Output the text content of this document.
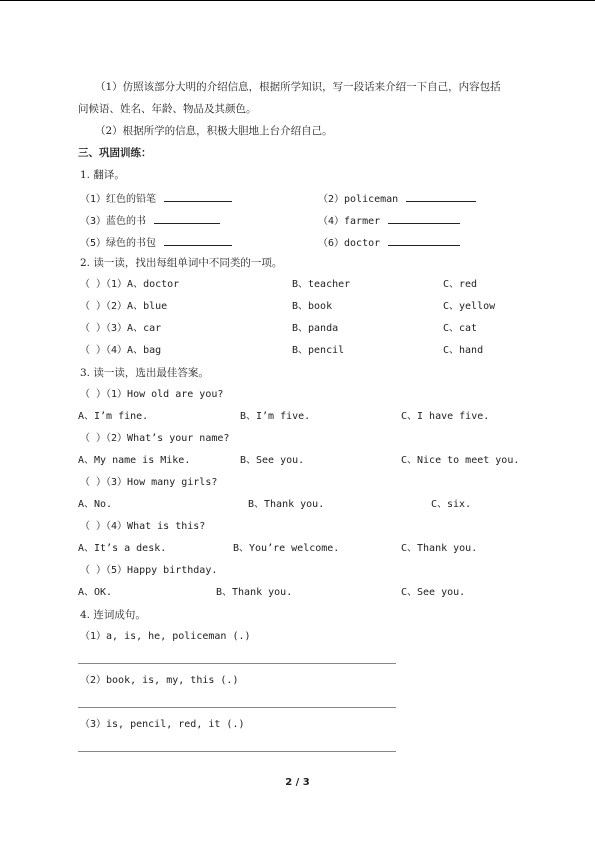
（1）仿照该部分大明的介绍信息，根据所学知识，写一段话来介绍一下自己，内容包括
问候语、姓名、年龄、物品及其颜色。
（2）根据所学的信息，积极大胆地上台介绍自己。
三、巩固训练：
1. 翻译。
（1）红色的铅笔	（2）policeman
（3）蓝色的书	（4）farmer
（5）绿色的书包	（6）doctor
2. 读一读，找出每组单词中不同类的一项。
（ ）（1）A、doctor	B、teacher	C、red
（ ）（2）A、blue	B、book	C、yellow
（ ）（3）A、car	B、panda	C、cat
（ ）（4）A、bag	B、pencil	C、hand
3. 读一读，选出最佳答案。
（ ）（1）How old are you?
A、I’m fine.	B、I’m five.	C、I have five.
（ ）（2）What’s your name?
A、My name is Mike.	B、See you.	C、Nice to meet you.
（ ）（3）How many girls?
A、No.	B、Thank you.	C、six.
（ ）（4）What is this?
A、It’s a desk.	B、You’re welcome.	C、Thank you.
（ ）（5）Happy birthday.
A、OK.	B、Thank you.	C、See you.
4. 连词成句。
（1）a, is, he, policeman (.)
（2）book, is, my, this (.)
（3）is, pencil, red, it (.)
2 / 3
